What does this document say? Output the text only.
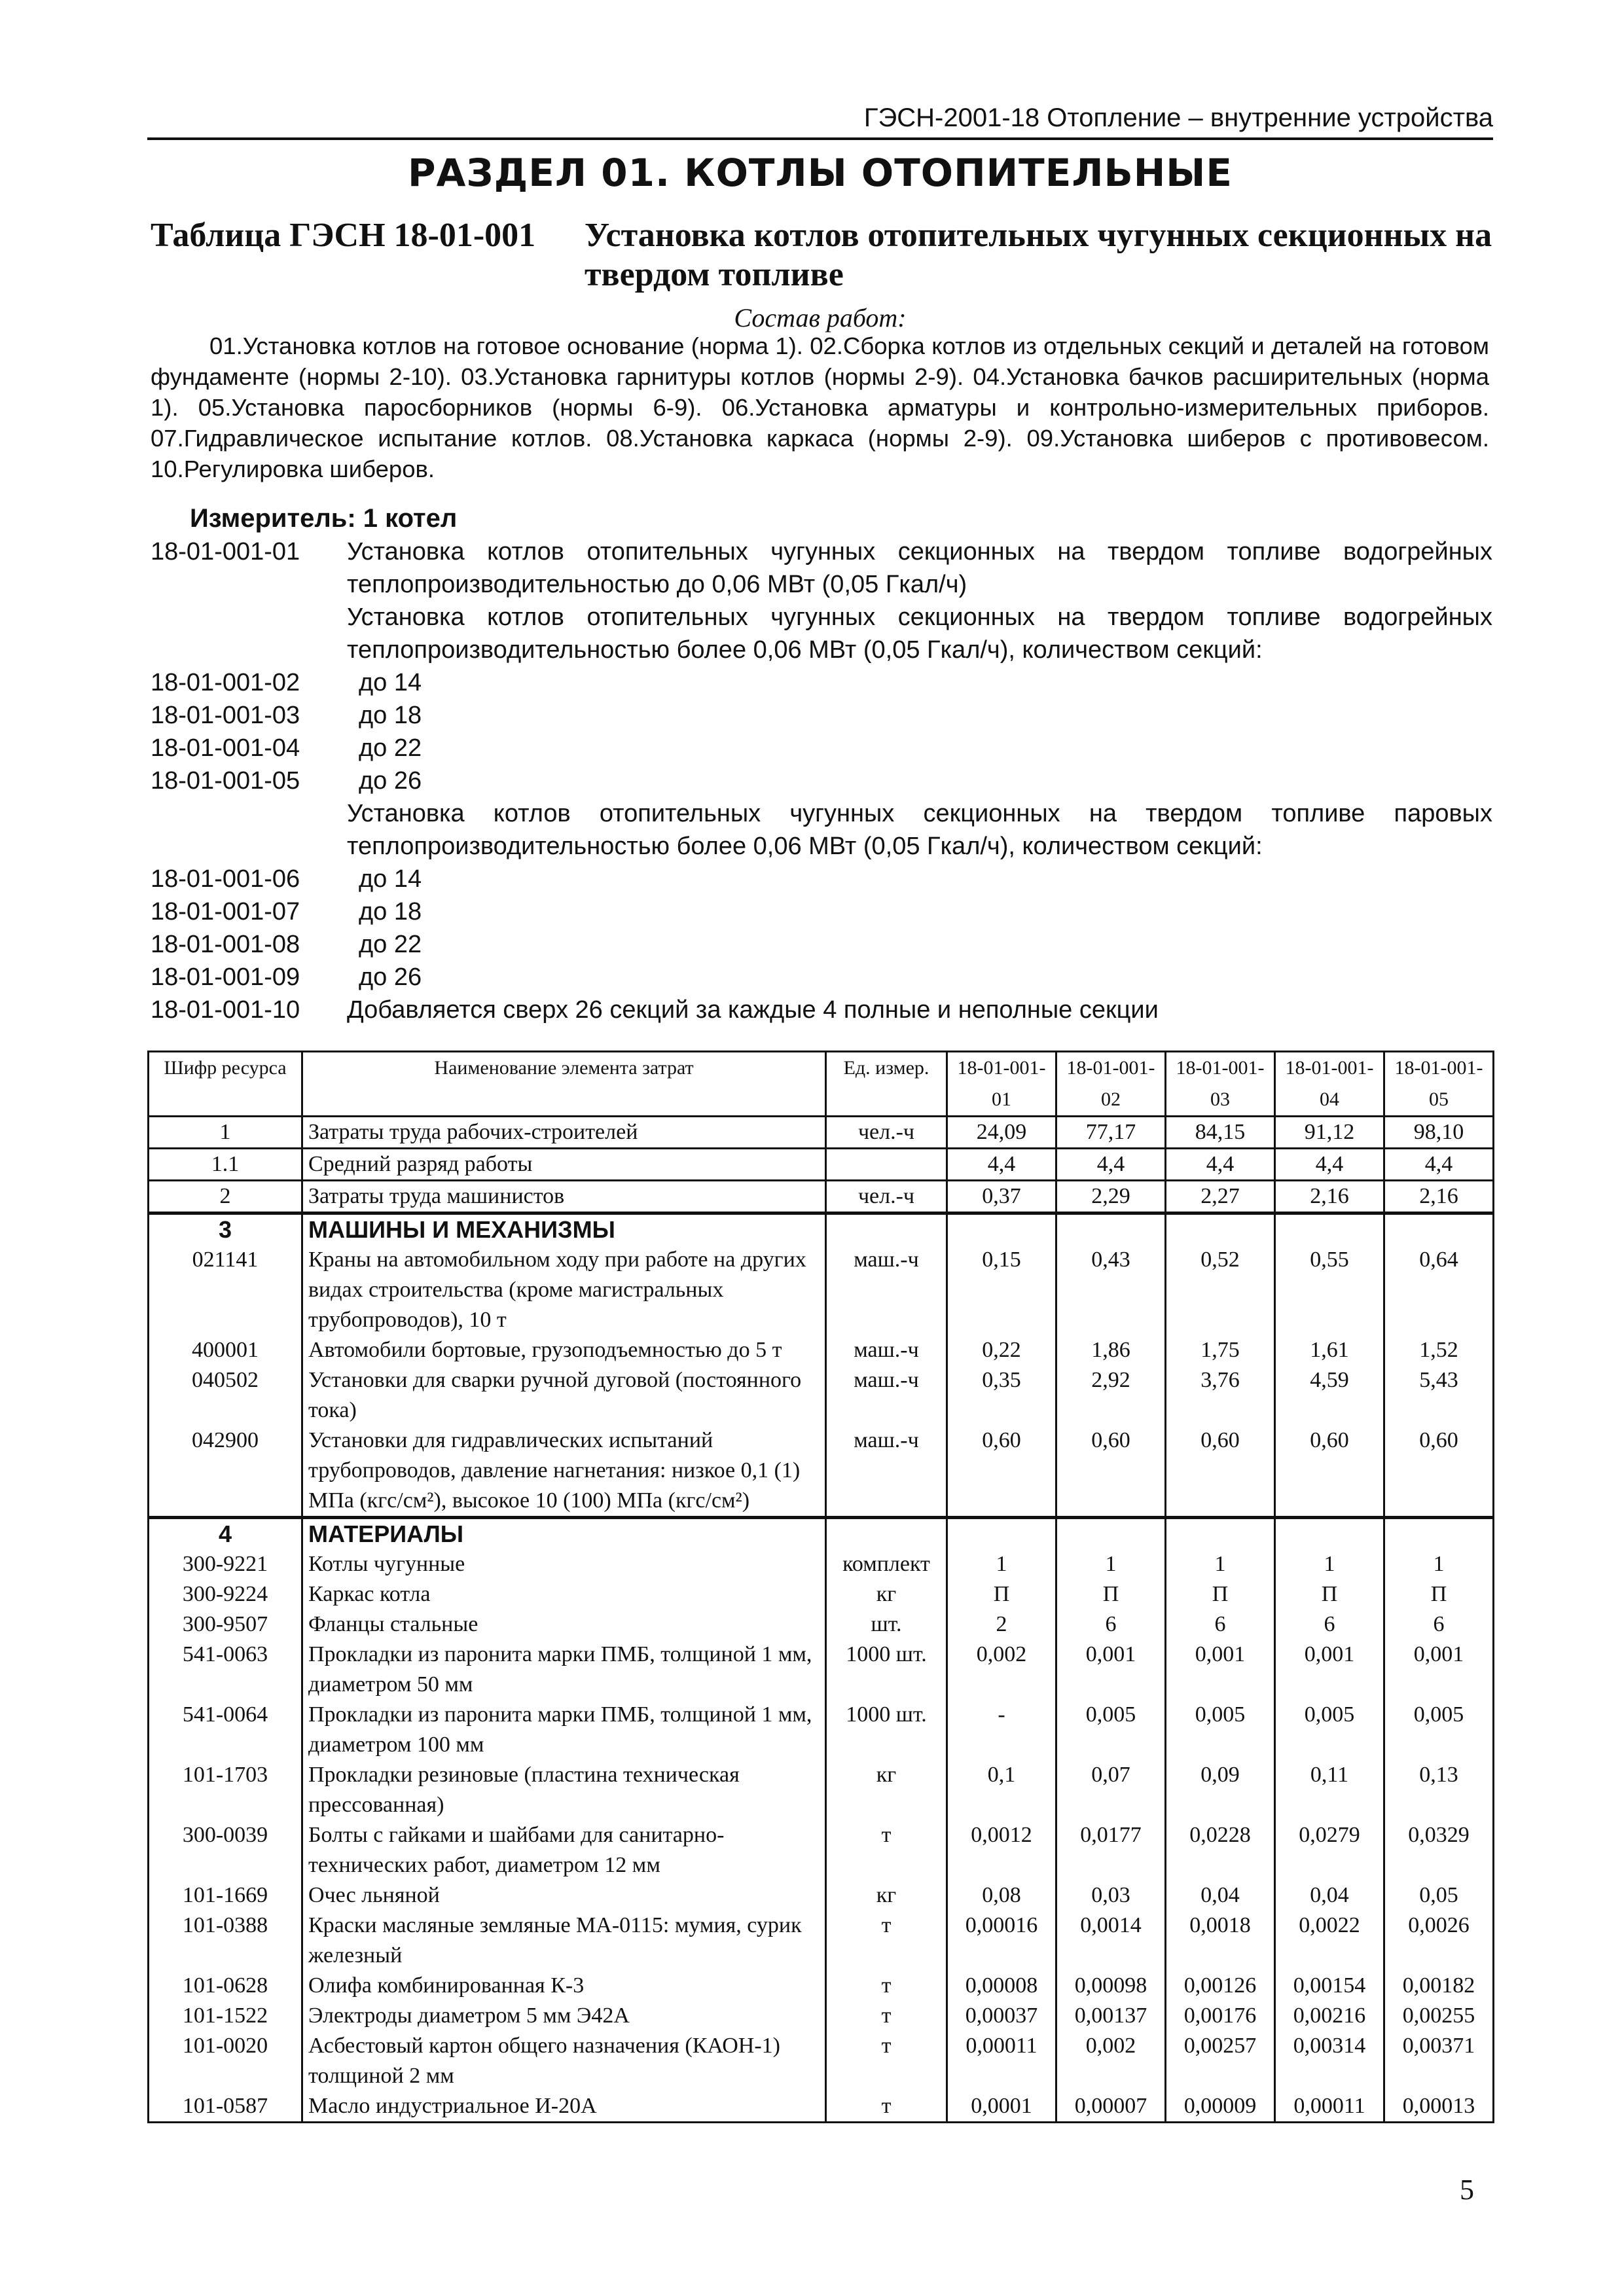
ГЭСН-2001-18 Отопление – внутренние устройства
РАЗДЕЛ 01. КОТЛЫ ОТОПИТЕЛЬНЫЕ
Таблица ГЭСН 18-01-001 Установка котлов отопительных чугунных секционных на твердом топливе
Состав работ:
01.Установка котлов на готовое основание (норма 1). 02.Сборка котлов из отдельных секций и деталей на готовом фундаменте (нормы 2-10). 03.Установка гарнитуры котлов (нормы 2-9). 04.Установка бачков расширительных (норма 1). 05.Установка паросборников (нормы 6-9). 06.Установка арматуры и контрольно-измерительных приборов. 07.Гидравлическое испытание котлов. 08.Установка каркаса (нормы 2-9). 09.Установка шиберов с противовесом. 10.Регулировка шиберов.
Измеритель: 1 котел
18-01-001-01	Установка котлов отопительных чугунных секционных на твердом топливе водогрейных теплопроизводительностью до 0,06 МВт (0,05 Гкал/ч)
Установка котлов отопительных чугунных секционных на твердом топливе водогрейных теплопроизводительностью более 0,06 МВт (0,05 Гкал/ч), количеством секций:
18-01-001-02	до 14
18-01-001-03	до 18
18-01-001-04	до 22
18-01-001-05	до 26
Установка котлов отопительных чугунных секционных на твердом топливе паровых теплопроизводительностью более 0,06 МВт (0,05 Гкал/ч), количеством секций:
18-01-001-06	до 14
18-01-001-07	до 18
18-01-001-08	до 22
18-01-001-09	до 26
18-01-001-10	Добавляется сверх 26 секций за каждые 4 полные и неполные секции
Шифр ресурса	Наименование элемента затрат	Ед. измер.	18-01-001-01	18-01-001-02	18-01-001-03	18-01-001-04	18-01-001-05
1	Затраты труда рабочих-строителей	чел.-ч	24,09	77,17	84,15	91,12	98,10
1.1	Средний разряд работы		4,4	4,4	4,4	4,4	4,4
2	Затраты труда машинистов	чел.-ч	0,37	2,29	2,27	2,16	2,16
3	МАШИНЫ И МЕХАНИЗМЫ						
021141	Краны на автомобильном ходу при работе на других видах строительства (кроме магистральных трубопроводов), 10 т	маш.-ч	0,15	0,43	0,52	0,55	0,64
400001	Автомобили бортовые, грузоподъемностью до 5 т	маш.-ч	0,22	1,86	1,75	1,61	1,52
040502	Установки для сварки ручной дуговой (постоянного тока)	маш.-ч	0,35	2,92	3,76	4,59	5,43
042900	Установки для гидравлических испытаний трубопроводов, давление нагнетания: низкое 0,1 (1) МПа (кгс/см²), высокое 10 (100) МПа (кгс/см²)	маш.-ч	0,60	0,60	0,60	0,60	0,60
4	МАТЕРИАЛЫ						
300-9221	Котлы чугунные	комплект	1	1	1	1	1
300-9224	Каркас котла	кг	П	П	П	П	П
300-9507	Фланцы стальные	шт.	2	6	6	6	6
541-0063	Прокладки из паронита марки ПМБ, толщиной 1 мм, диаметром 50 мм	1000 шт.	0,002	0,001	0,001	0,001	0,001
541-0064	Прокладки из паронита марки ПМБ, толщиной 1 мм, диаметром 100 мм	1000 шт.	-	0,005	0,005	0,005	0,005
101-1703	Прокладки резиновые (пластина техническая прессованная)	кг	0,1	0,07	0,09	0,11	0,13
300-0039	Болты с гайками и шайбами для санитарно-технических работ, диаметром 12 мм	т	0,0012	0,0177	0,0228	0,0279	0,0329
101-1669	Очес льняной	кг	0,08	0,03	0,04	0,04	0,05
101-0388	Краски масляные земляные МА-0115: мумия, сурик железный	т	0,00016	0,0014	0,0018	0,0022	0,0026
101-0628	Олифа комбинированная К-3	т	0,00008	0,00098	0,00126	0,00154	0,00182
101-1522	Электроды диаметром 5 мм Э42А	т	0,00037	0,00137	0,00176	0,00216	0,00255
101-0020	Асбестовый картон общего назначения (КАОН-1) толщиной 2 мм	т	0,00011	0,002	0,00257	0,00314	0,00371
101-0587	Масло индустриальное И-20А	т	0,0001	0,00007	0,00009	0,00011	0,00013
5
